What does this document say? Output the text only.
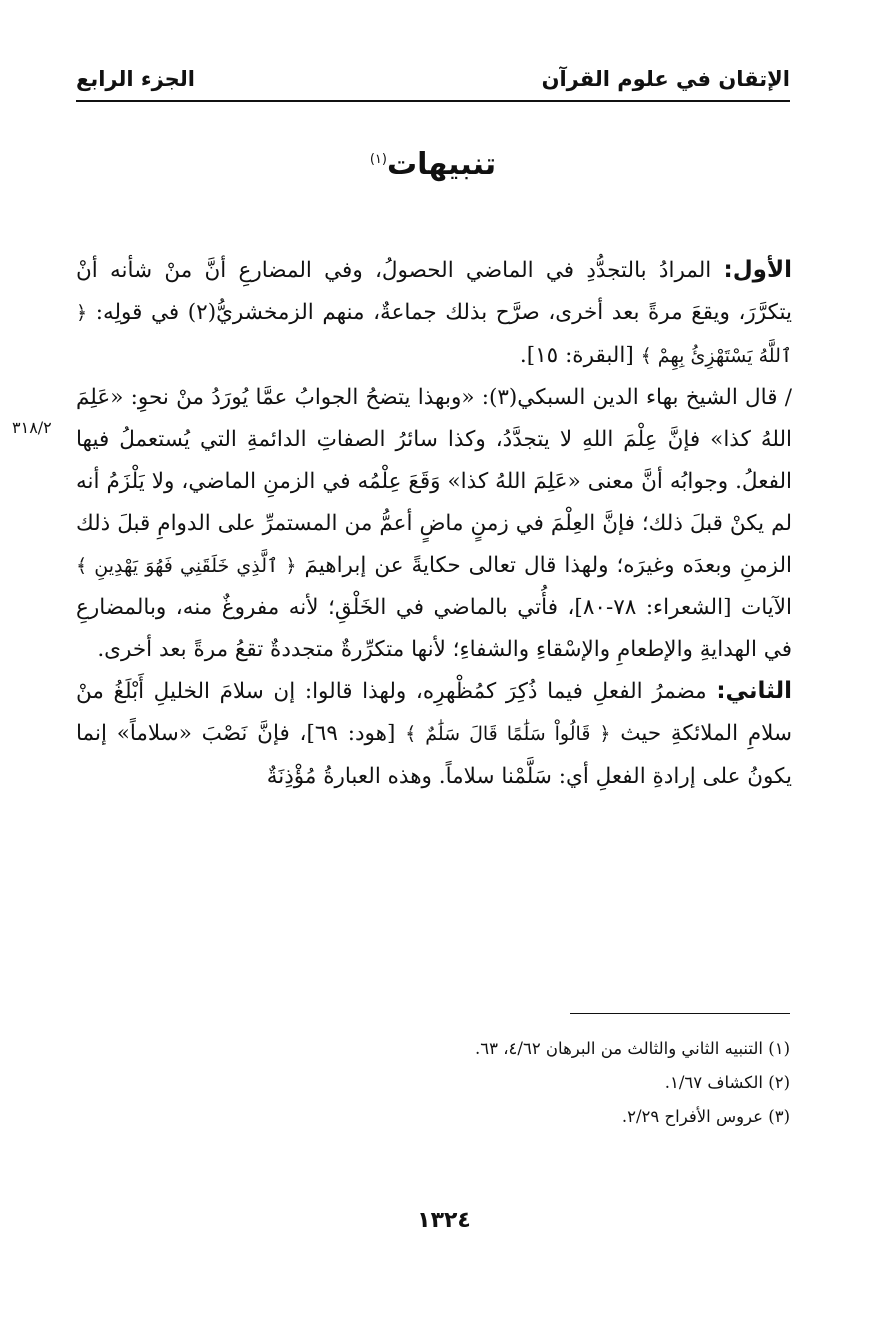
الإتقان في علوم القرآن
الجزء الرابع
تنبيهات$^{(١)}$
٣١٨/٢

الأول: المرادُ بالتجدُّدِ في الماضي الحصولُ، وفي المضارعِ أنَّ منْ شأنه أنْ يتكرَّرَ، ويقعَ مرةً بعد أخرى، صرَّح بذلك جماعةٌ، منهم الزمخشريُّ(٢) في قولِه: ﴿ ٱللَّهُ يَسْتَهْزِئُ بِهِمْ ﴾ [البقرة: ١٥].

/ قال الشيخ بهاء الدين السبكي(٣): «وبهذا يتضحُ الجوابُ عمَّا يُورَدُ منْ نحوِ: «عَلِمَ اللهُ كذا» فإنَّ عِلْمَ اللهِ لا يتجدَّدُ، وكذا سائرُ الصفاتِ الدائمةِ التي يُستعملُ فيها الفعلُ. وجوابُه أنَّ معنى «عَلِمَ اللهُ كذا» وَقَعَ عِلْمُه في الزمنِ الماضي، ولا يَلْزَمُ أنه لم يكنْ قبلَ ذلك؛ فإنَّ العِلْمَ في زمنٍ ماضٍ أعمُّ من المستمرِّ على الدوامِ قبلَ ذلك الزمنِ وبعدَه وغيرَه؛ ولهذا قال تعالى حكايةً عن إبراهيمَ ﴿ ٱلَّذِي خَلَقَنِي فَهُوَ يَهْدِينِ ﴾ الآيات [الشعراء: ٧٨-٨٠]، فأُتي بالماضي في الخَلْقِ؛ لأنه مفروغٌ منه، وبالمضارعِ في الهدايةِ والإطعامِ والإسْقاءِ والشفاءِ؛ لأنها متكرِّرةٌ متجددةٌ تقعُ مرةً بعد أخرى.

الثاني: مضمرُ الفعلِ فيما ذُكِرَ كمُظْهرِه، ولهذا قالوا: إن سلامَ الخليلِ أَبْلَغُ منْ سلامِ الملائكةِ حيث ﴿ قَالُواْ سَلَٰمًا قَالَ سَلَٰمٌ ﴾ [هود: ٦٩]، فإنَّ نَصْبَ «سلاماً» إنما يكونُ على إرادةِ الفعلِ أي: سَلَّمْنا سلاماً. وهذه العبارةُ مُؤْذِنَةٌ

(١) التنبيه الثاني والثالث من البرهان ٤/٦٢، ٦٣.
(٢) الكشاف ١/٦٧.
(٣) عروس الأفراح ٢/٢٩.
١٣٢٤
